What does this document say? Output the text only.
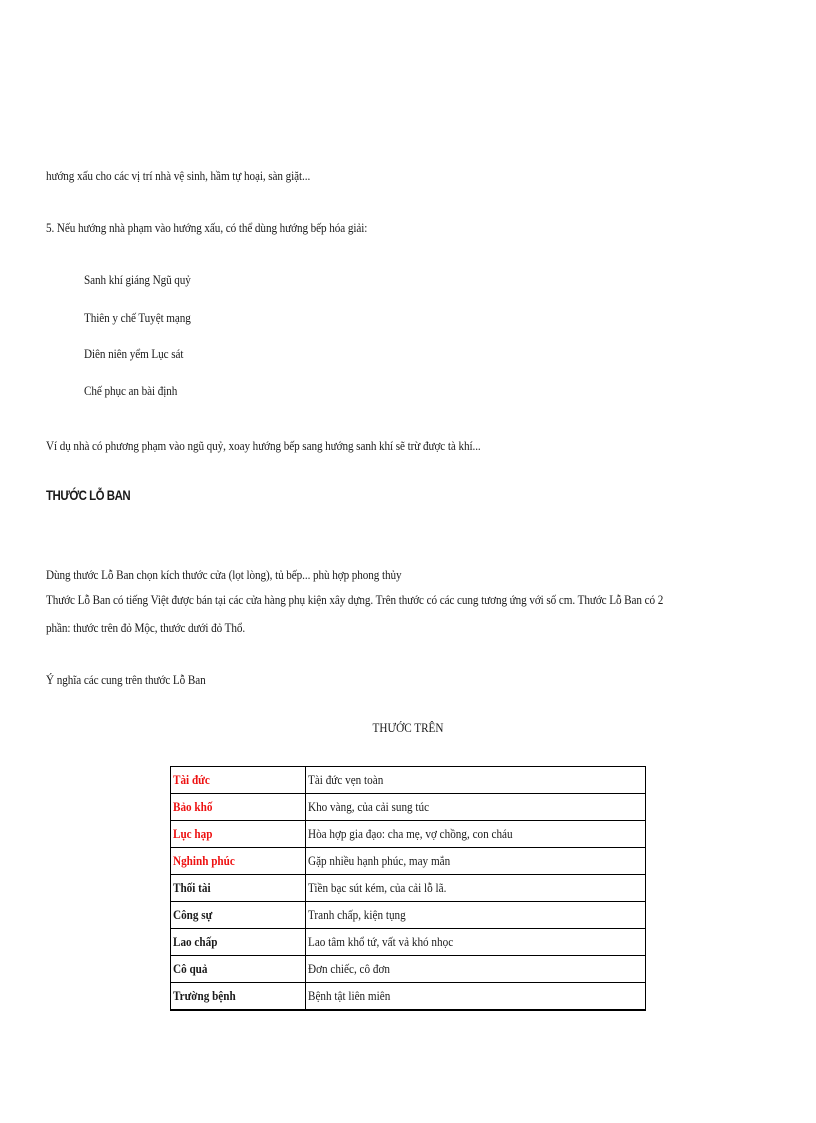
hướng xấu cho các vị trí nhà vệ sinh, hầm tự hoại, sàn giặt...
5. Nếu hướng nhà phạm vào hướng xấu, có thể dùng hướng bếp hóa giải:
Sanh khí giáng Ngũ quỷ
Thiên y chế Tuyệt mạng
Diên niên yểm Lục sát
Chế phục an bài định
Ví dụ nhà có phương phạm vào ngũ quỷ, xoay hướng bếp sang hướng sanh khí sẽ trừ được tà khí...
THƯỚC LỖ BAN
Dùng thước Lỗ Ban chọn kích thước cửa (lọt lòng), tủ bếp... phù hợp phong thủy
Thước Lỗ Ban có tiếng Việt được bán tại các cửa hàng phụ kiện xây dựng. Trên thước có các cung tương ứng với số cm. Thước Lỗ Ban có 2
phần: thước trên đỏ Mộc, thước dưới đỏ Thổ.
Ý nghĩa các cung trên thước Lỗ Ban
THƯỚC TRÊN
Tài đức	Tài đức vẹn toàn
Bảo khố	Kho vàng, của cải sung túc
Lục hạp	Hòa hợp gia đạo: cha mẹ, vợ chồng, con cháu
Nghinh phúc	Gặp nhiều hạnh phúc, may mắn
Thối tài	Tiền bạc sút kém, của cải lỗ lã.
Công sự	Tranh chấp, kiện tụng
Lao chấp	Lao tâm khổ tứ, vất vả khó nhọc
Cô quả	Đơn chiếc, cô đơn
Trường bệnh	Bệnh tật liên miên
